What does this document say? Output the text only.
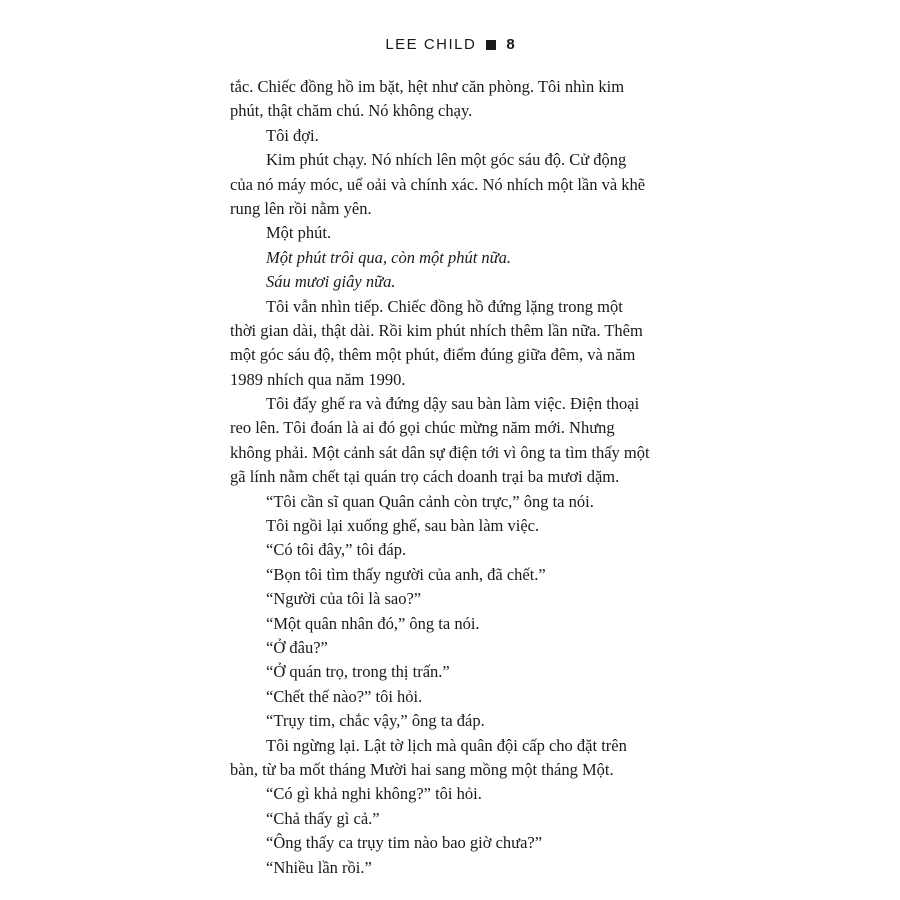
LEE CHILD 8
tắc. Chiếc đồng hồ im bặt, hệt như căn phòng. Tôi nhìn kim
phút, thật chăm chú. Nó không chạy.
Tôi đợi.
Kim phút chạy. Nó nhích lên một góc sáu độ. Cử động
của nó máy móc, uể oải và chính xác. Nó nhích một lần và khẽ
rung lên rồi nằm yên.
Một phút.
Một phút trôi qua, còn một phút nữa.
Sáu mươi giây nữa.
Tôi vẫn nhìn tiếp. Chiếc đồng hồ đứng lặng trong một
thời gian dài, thật dài. Rồi kim phút nhích thêm lần nữa. Thêm
một góc sáu độ, thêm một phút, điểm đúng giữa đêm, và năm
1989 nhích qua năm 1990.
Tôi đẩy ghế ra và đứng dậy sau bàn làm việc. Điện thoại
reo lên. Tôi đoán là ai đó gọi chúc mừng năm mới. Nhưng
không phải. Một cảnh sát dân sự điện tới vì ông ta tìm thấy một
gã lính nằm chết tại quán trọ cách doanh trại ba mươi dặm.
“Tôi cần sĩ quan Quân cảnh còn trực,” ông ta nói.
Tôi ngồi lại xuống ghế, sau bàn làm việc.
“Có tôi đây,” tôi đáp.
“Bọn tôi tìm thấy người của anh, đã chết.”
“Người của tôi là sao?”
“Một quân nhân đó,” ông ta nói.
“Ở đâu?”
“Ở quán trọ, trong thị trấn.”
“Chết thế nào?” tôi hỏi.
“Trụy tim, chắc vậy,” ông ta đáp.
Tôi ngừng lại. Lật tờ lịch mà quân đội cấp cho đặt trên
bàn, từ ba mốt tháng Mười hai sang mồng một tháng Một.
“Có gì khả nghi không?” tôi hỏi.
“Chả thấy gì cả.”
“Ông thấy ca trụy tim nào bao giờ chưa?”
“Nhiều lần rồi.”
